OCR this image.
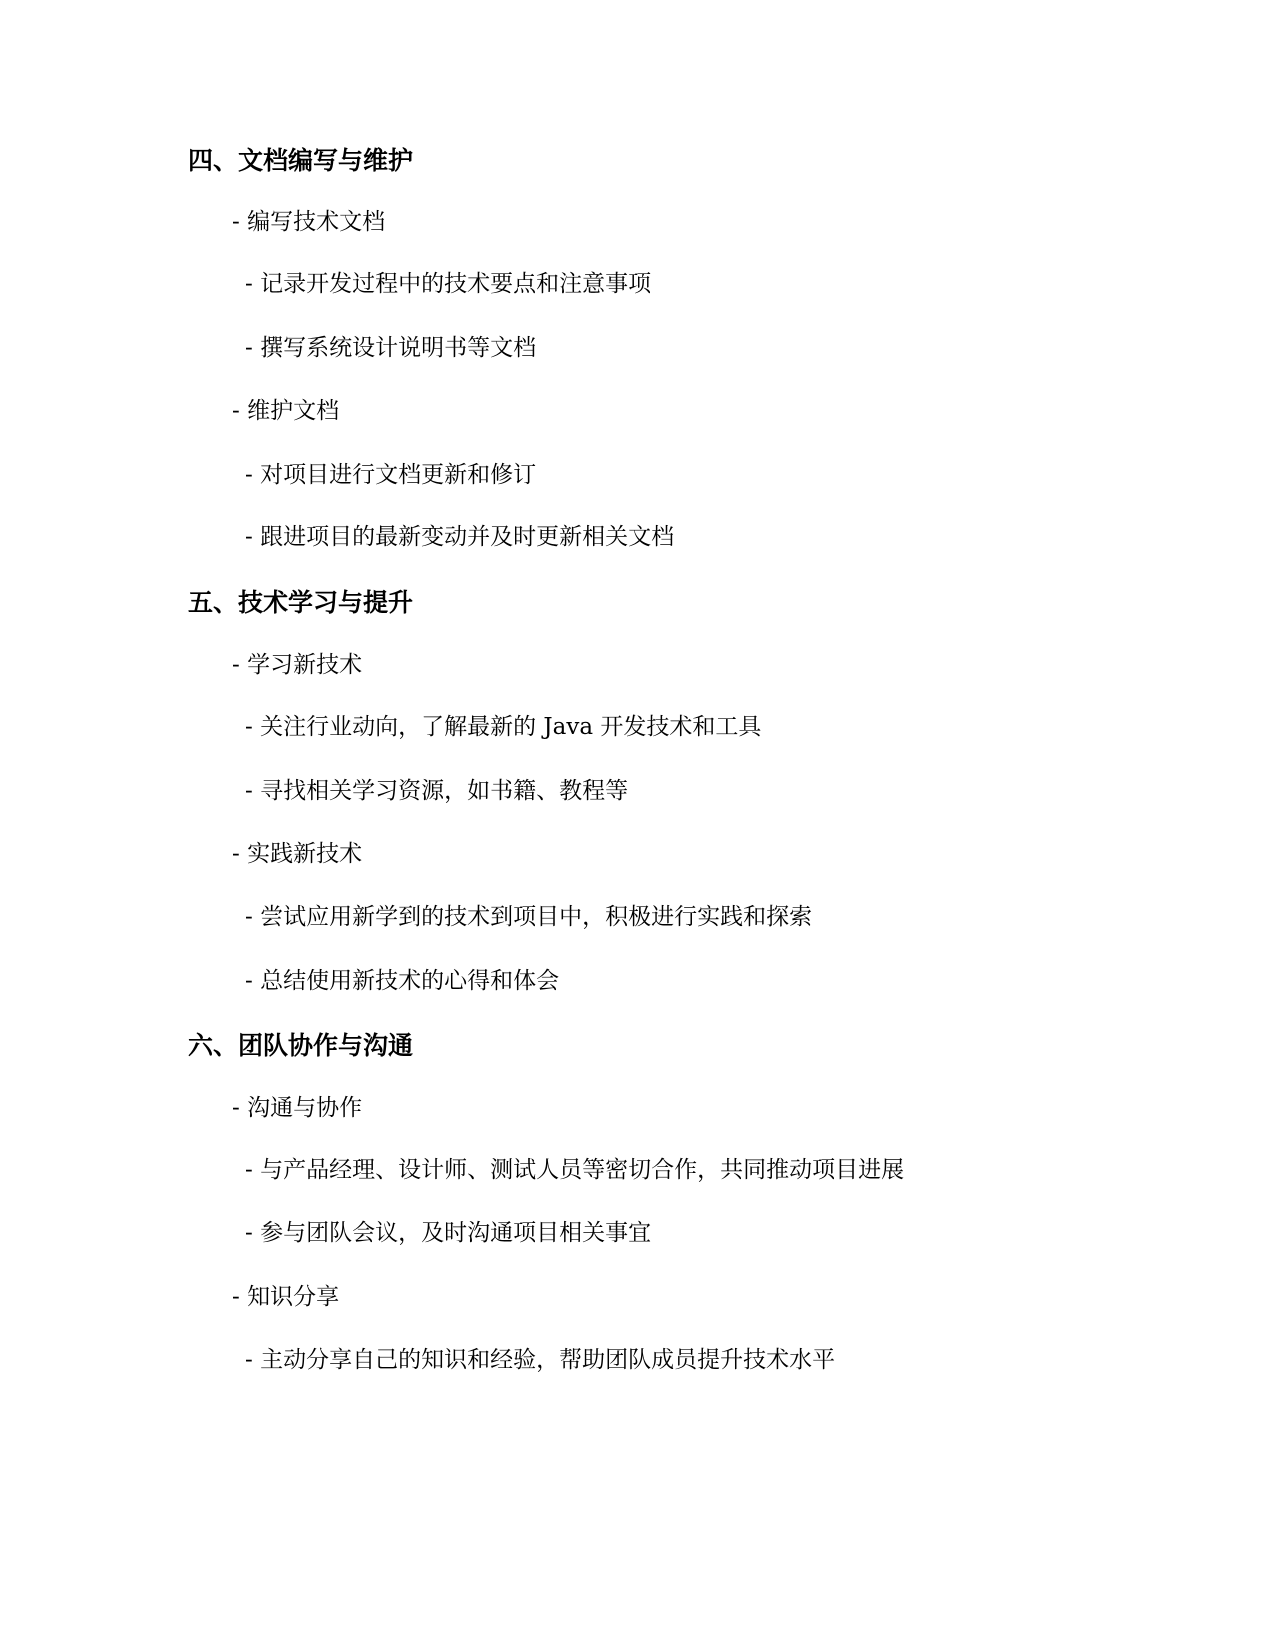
四、文档编写与维护
- 编写技术文档
- 记录开发过程中的技术要点和注意事项
- 撰写系统设计说明书等文档
- 维护文档
- 对项目进行文档更新和修订
- 跟进项目的最新变动并及时更新相关文档
五、技术学习与提升
- 学习新技术
- 关注行业动向，了解最新的 Java 开发技术和工具
- 寻找相关学习资源，如书籍、教程等
- 实践新技术
- 尝试应用新学到的技术到项目中，积极进行实践和探索
- 总结使用新技术的心得和体会
六、团队协作与沟通
- 沟通与协作
- 与产品经理、设计师、测试人员等密切合作，共同推动项目进展
- 参与团队会议，及时沟通项目相关事宜
- 知识分享
- 主动分享自己的知识和经验，帮助团队成员提升技术水平
